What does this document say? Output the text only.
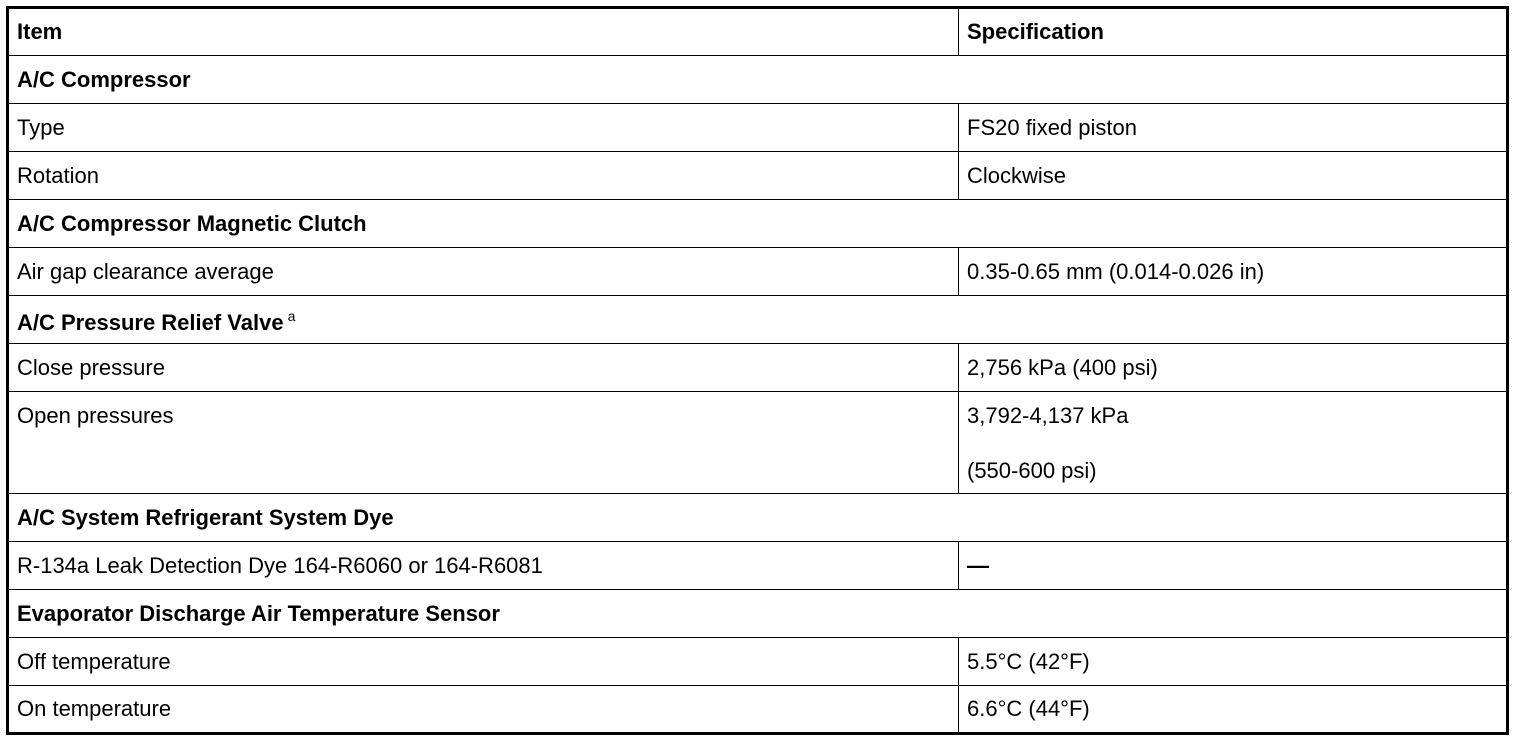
Item	Specification
A/C Compressor	
Type	FS20 fixed piston
Rotation	Clockwise
A/C Compressor Magnetic Clutch	
Air gap clearance average	0.35-0.65 mm (0.014-0.026 in)
A/C Pressure Relief Valve $^a$
Close pressure	2,756 kPa (400 psi)
Open pressures	3,792-4,137 kPa
(550-600 psi)

A/C System Refrigerant System Dye	
R-134a Leak Detection Dye 164-R6060 or 164-R6081	—
Evaporator Discharge Air Temperature Sensor	
Off temperature	5.5°C (42°F)
On temperature	6.6°C (44°F)
